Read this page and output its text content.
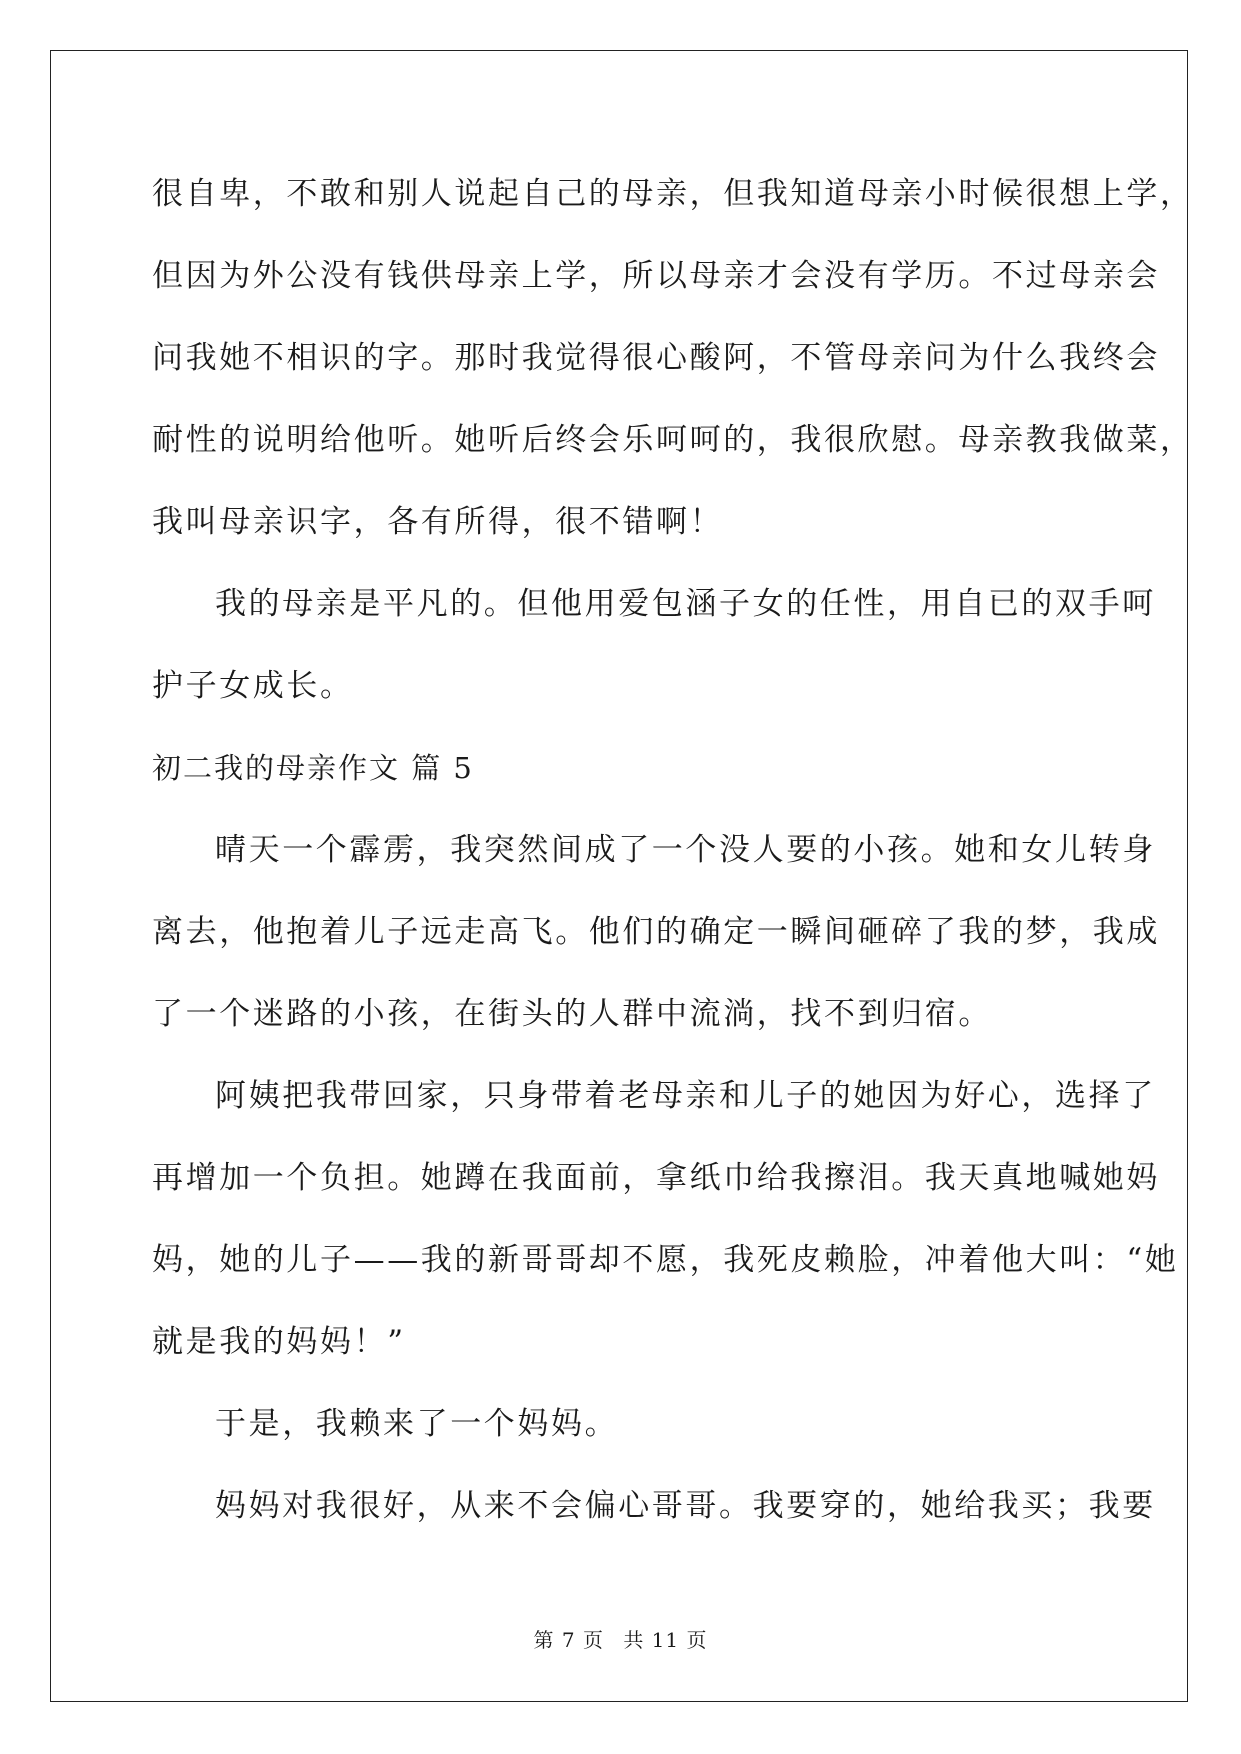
很自卑，不敢和别人说起自己的母亲，但我知道母亲小时候很想上学，
但因为外公没有钱供母亲上学，所以母亲才会没有学历。不过母亲会
问我她不相识的字。那时我觉得很心酸阿，不管母亲问为什么我终会
耐性的说明给他听。她听后终会乐呵呵的，我很欣慰。母亲教我做菜，
我叫母亲识字，各有所得，很不错啊！
我的母亲是平凡的。但他用爱包涵子女的任性，用自已的双手呵
护子女成长。
初二我的母亲作文 篇 5
晴天一个霹雳，我突然间成了一个没人要的小孩。她和女儿转身
离去，他抱着儿子远走高飞。他们的确定一瞬间砸碎了我的梦，我成
了一个迷路的小孩，在街头的人群中流淌，找不到归宿。
阿姨把我带回家，只身带着老母亲和儿子的她因为好心，选择了
再增加一个负担。她蹲在我面前，拿纸巾给我擦泪。我天真地喊她妈
妈，她的儿子——我的新哥哥却不愿，我死皮赖脸，冲着他大叫：“她
就是我的妈妈！”
于是，我赖来了一个妈妈。
妈妈对我很好，从来不会偏心哥哥。我要穿的，她给我买；我要
第 7 页 共 11 页
